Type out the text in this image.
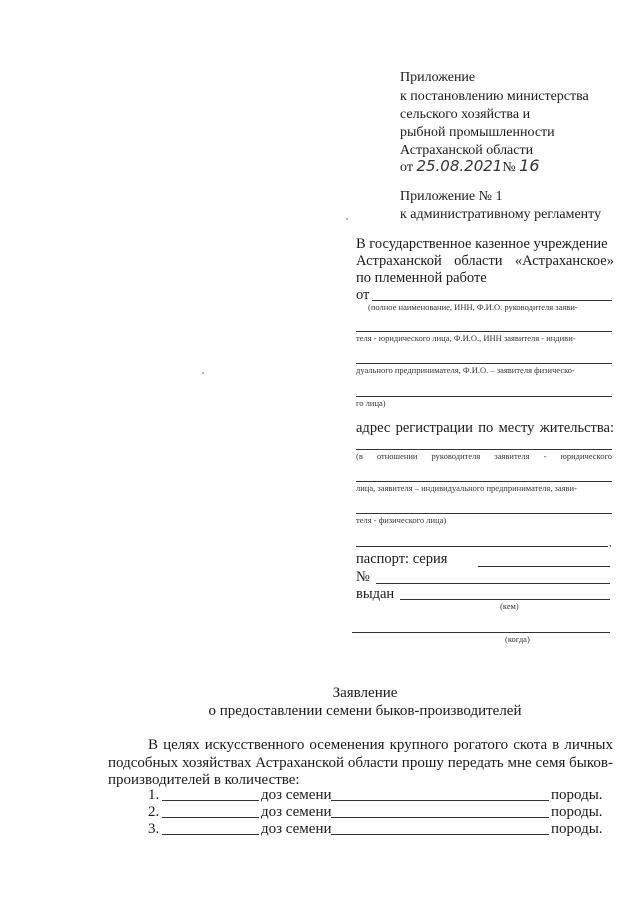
Приложение
к постановлению министерства
сельского хозяйства и
рыбной промышленности
Астраханской области
от 25.08.2021№ 16
Приложение № 1
к административному регламенту
В государственное казенное учреждение
Астраханской области «Астраханское»
по племенной работе
от
(полное наименование, ИНН, Ф.И.О. руководителя заяви-
теля - юридического лица, Ф.И.О., ИНН заявителя - индиви-
дуального предпринимателя, Ф.И.О. – заявителя физическо-
го лица)
адрес регистрации по месту жительства:
(в отношении руководителя заявителя - юридического
лица, заявителя – индивидуального предпринимателя, заяви-
теля - физического лица)
,
паспорт: серия
№
выдан
(кем)
(когда)
Заявление
о предоставлении семени быков-производителей
В целях искусственного осеменения крупного рогатого скота в личных
подсобных хозяйствах Астраханской области прошу передать мне семя быков-
производителей в количестве:
1.	доз семени	породы.
2.	доз семени	породы.
3.	доз семени	породы.
